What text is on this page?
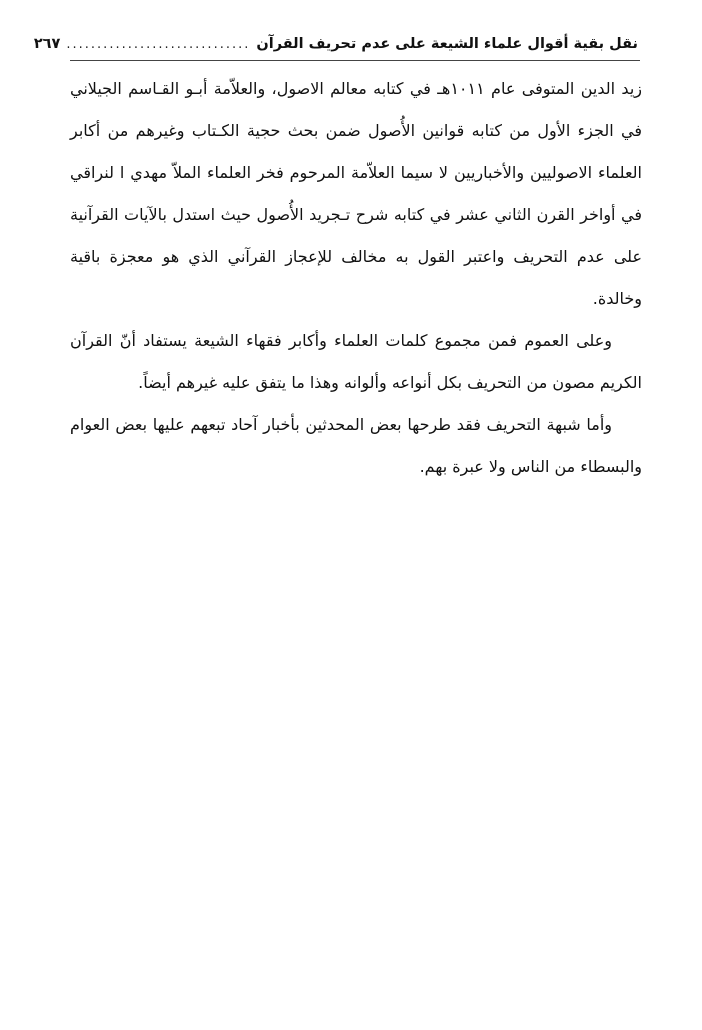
نقل بقية أقوال علماء الشيعة على عدم تحريف القرآن
..............................
٢٦٧

زيد الدين المتوفى عام ١٠١١هـ في كتابه معالم الاصول، والعلاّمة أبـو القـاسم الجيلاني في الجزء الأول من كتابه قوانين الأُصول ضمن بحث حجية الكـتاب وغيرهم من أكابر العلماء الاصوليين والأخباريين لا سيما العلاّمة المرحوم فخر العلماء الملاّ مهدي ا لنراقي في أواخر القرن الثاني عشر في كتابه شرح تـجريد الأُصول حيث استدل بالآيات القرآنية على عدم التحريف واعتبر القول به مخالف للإعجاز القرآني الذي هو معجزة باقية وخالدة.

وعلى العموم فمن مجموع كلمات العلماء وأكابر فقهاء الشيعة يستفاد أنّ القرآن الكريم مصون من التحريف بكل أنواعه وألوانه وهذا ما يتفق عليه غيرهم أيضاً.

وأما شبهة التحريف فقد طرحها بعض المحدثين بأخبار آحاد تبعهم عليها بعض العوام والبسطاء من الناس ولا عبرة بهم.
